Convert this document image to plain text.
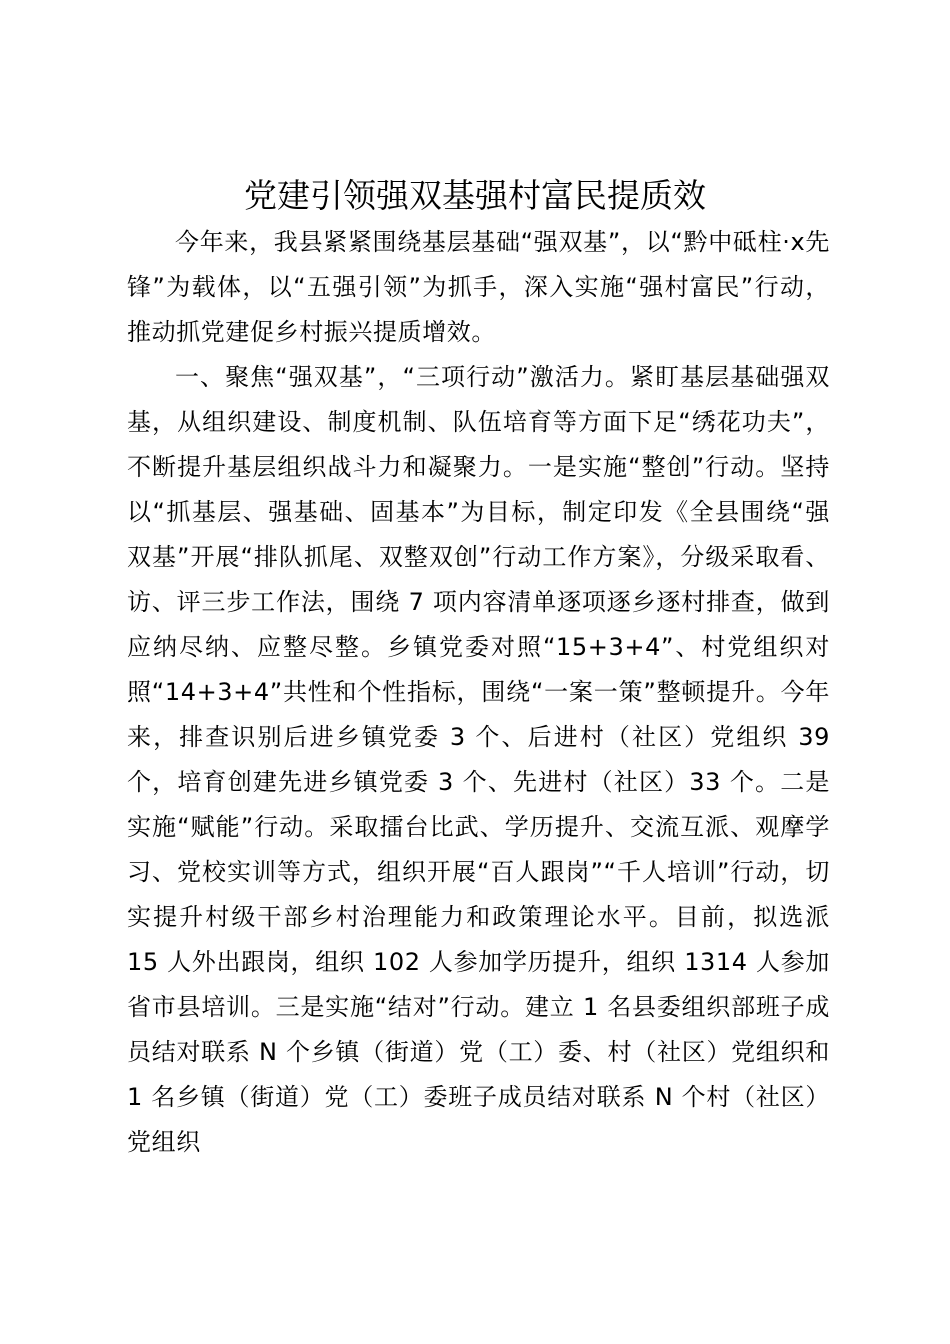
党建引领强双基强村富民提质效

今年来，我县紧紧围绕基层基础“强双基”，以“黔中砥柱·x先锋”为载体，以“五强引领”为抓手，深入实施“强村富民”行动，推动抓党建促乡村振兴提质增效。

一、聚焦“强双基”，“三项行动”激活力。紧盯基层基础强双基，从组织建设、制度机制、队伍培育等方面下足“绣花功夫”，不断提升基层组织战斗力和凝聚力。一是实施“整创”行动。坚持以“抓基层、强基础、固基本”为目标，制定印发《全县围绕“强双基”开展“排队抓尾、双整双创”行动工作方案》，分级采取看、访、评三步工作法，围绕 7 项内容清单逐项逐乡逐村排查，做到应纳尽纳、应整尽整。乡镇党委对照“15+3+4”、村党组织对照“14+3+4”共性和个性指标，围绕“一案一策”整顿提升。今年来，排查识别后进乡镇党委 3 个、后进村（社区）党组织 39 个，培育创建先进乡镇党委 3 个、先进村（社区）33 个。二是实施“赋能”行动。采取擂台比武、学历提升、交流互派、观摩学习、党校实训等方式，组织开展“百人跟岗”“千人培训”行动，切实提升村级干部乡村治理能力和政策理论水平。目前，拟选派 15 人外出跟岗，组织 102 人参加学历提升，组织 1314 人参加省市县培训。三是实施“结对”行动。建立 1 名县委组织部班子成员结对联系 N 个乡镇（街道）党（工）委、村（社区）党组织和 1 名乡镇（街道）党（工）委班子成员结对联系 N 个村（社区）党组织
